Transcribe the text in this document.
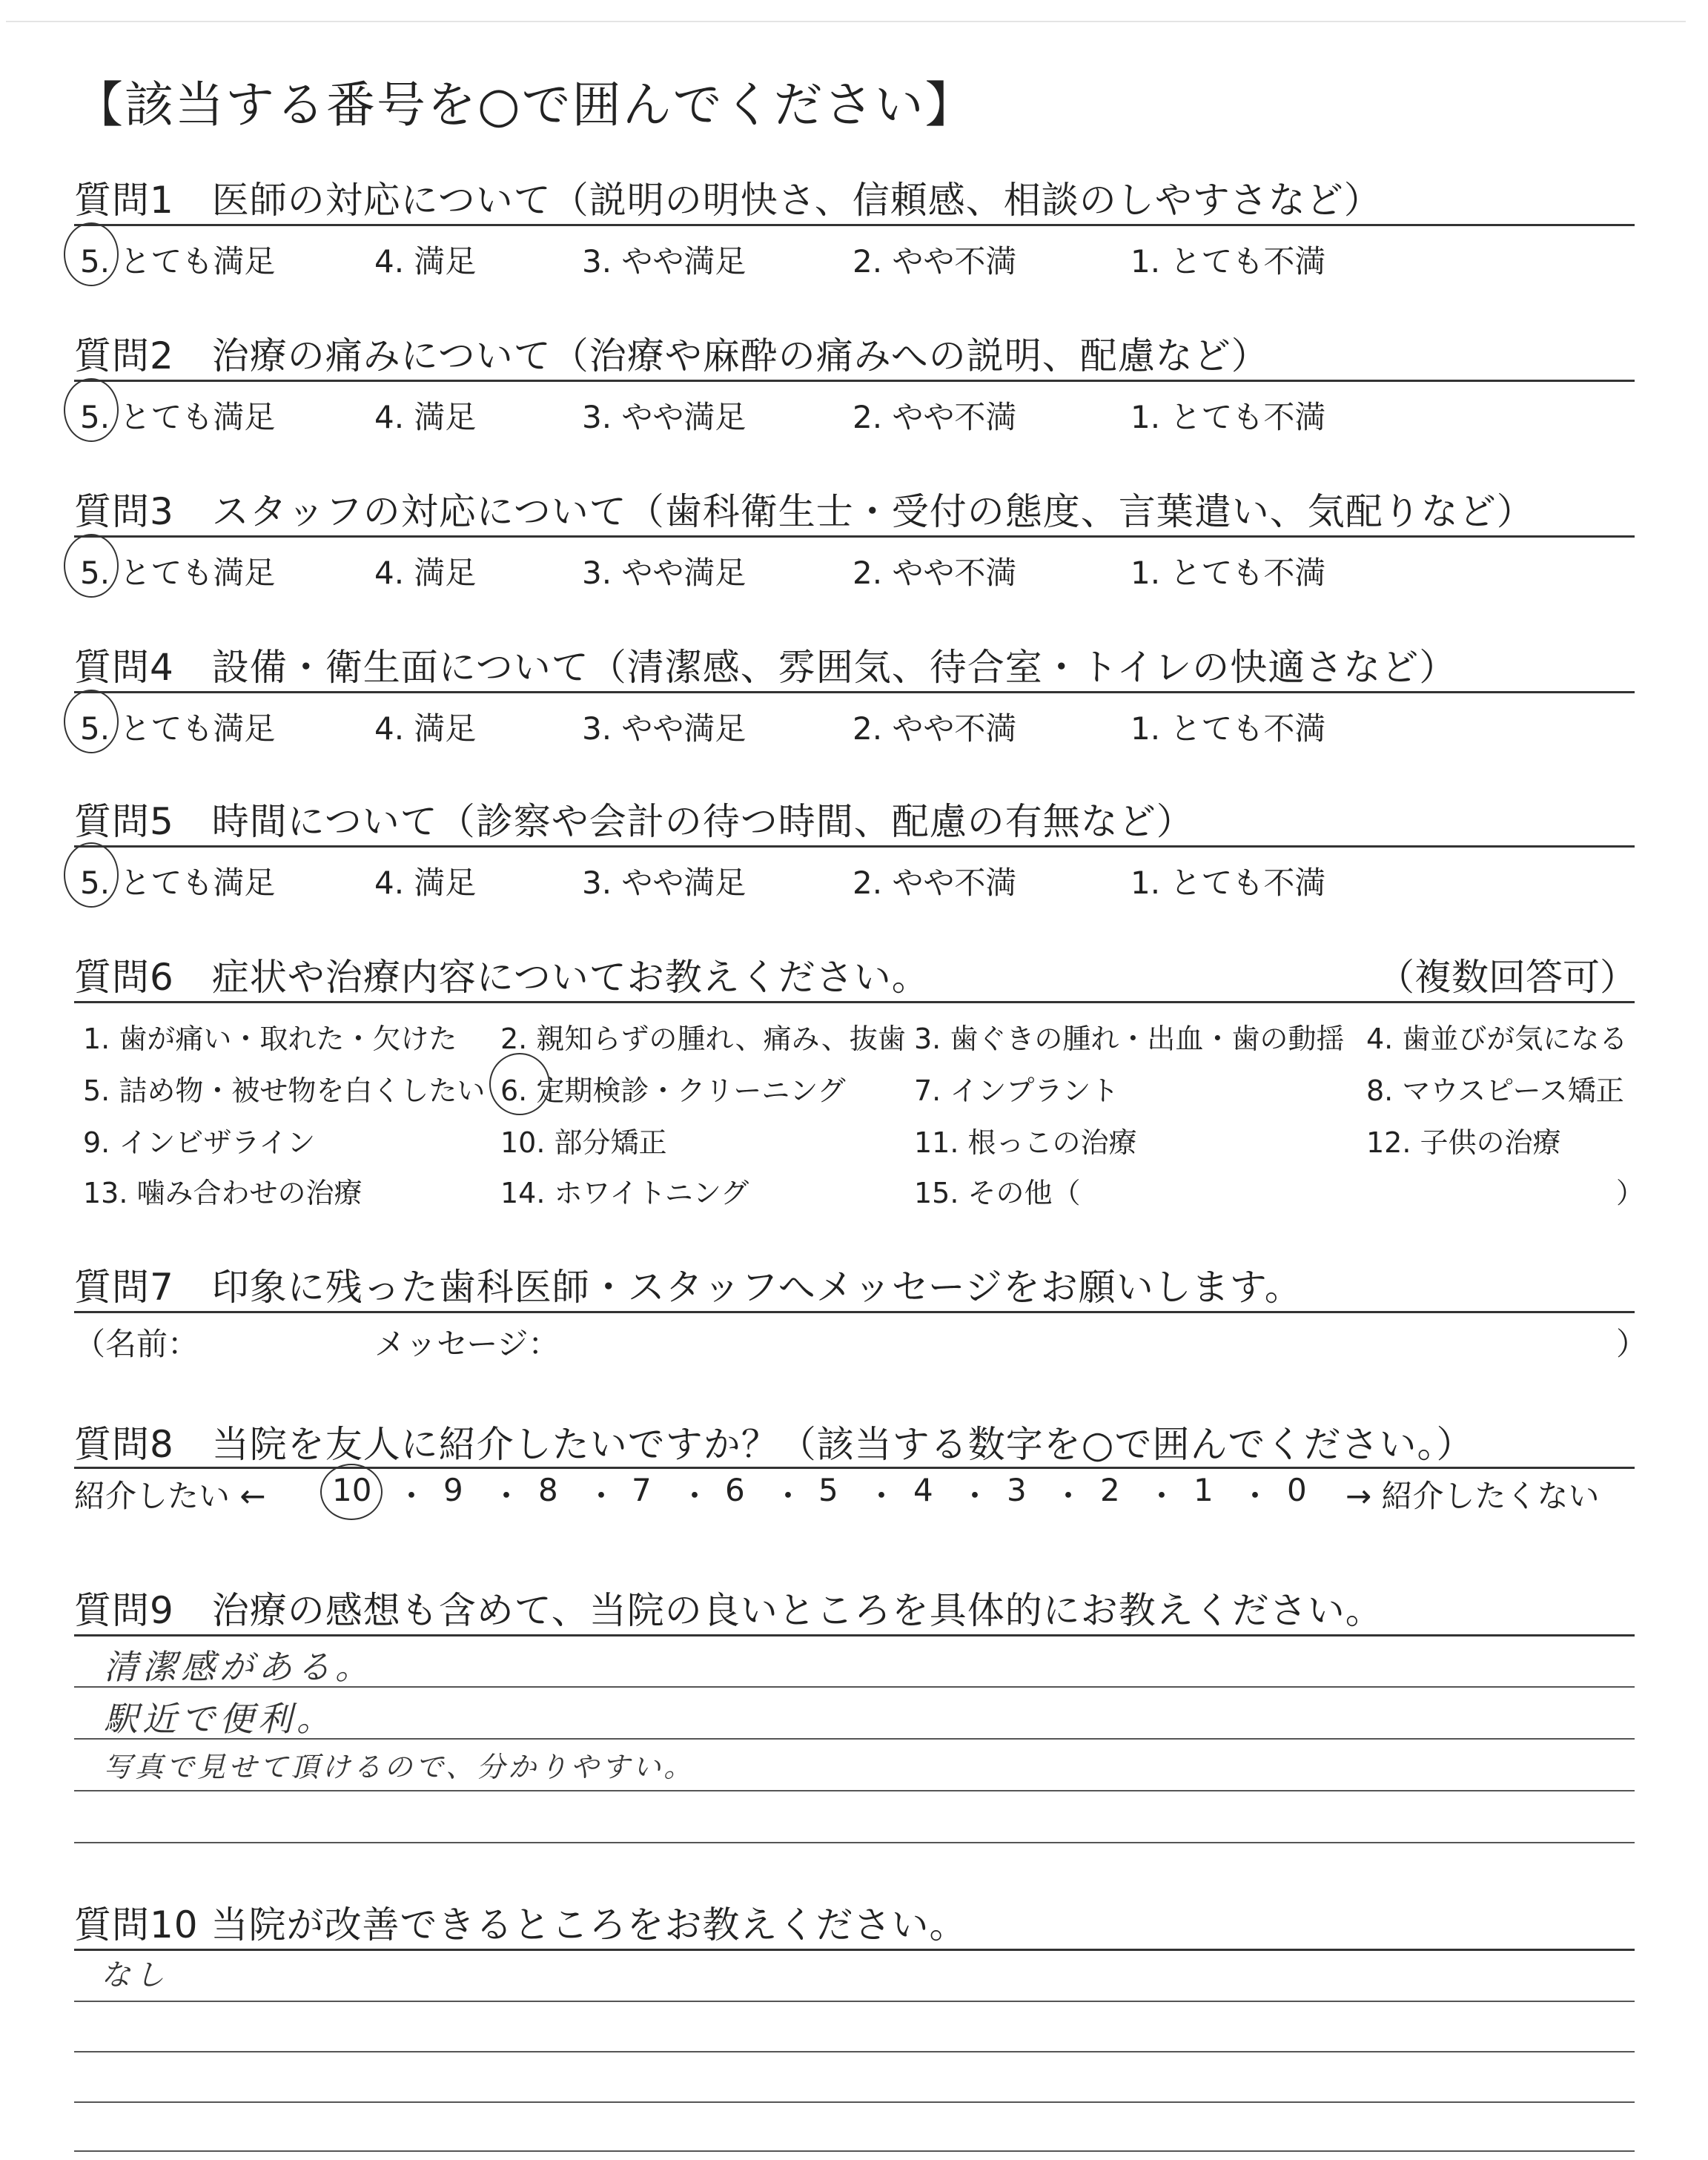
【該当する番号を○で囲んでください】
質問1　医師の対応について（説明の明快さ、信頼感、相談のしやすさなど）
5. とても満足	4. 満足	3. やや満足	2. やや不満	1. とても不満
質問2　治療の痛みについて（治療や麻酔の痛みへの説明、配慮など）
5. とても満足	4. 満足	3. やや満足	2. やや不満	1. とても不満
質問3　スタッフの対応について（歯科衛生士・受付の態度、言葉遣い、気配りなど）
5. とても満足	4. 満足	3. やや満足	2. やや不満	1. とても不満
質問4　設備・衛生面について（清潔感、雰囲気、待合室・トイレの快適さなど）
5. とても満足	4. 満足	3. やや満足	2. やや不満	1. とても不満
質問5　時間について（診察や会計の待つ時間、配慮の有無など）
5. とても満足	4. 満足	3. やや満足	2. やや不満	1. とても不満
質問6　症状や治療内容についてお教えください。	（複数回答可）
1. 歯が痛い・取れた・欠けた 2. 親知らずの腫れ、痛み、抜歯 3. 歯ぐきの腫れ・出血・歯の動揺 4. 歯並びが気になる
5. 詰め物・被せ物を白くしたい 6. 定期検診・クリーニング 7. インプラント	8. マウスピース矯正
9. インビザライン	10. 部分矯正	11. 根っこの治療	12. 子供の治療
13. 噛み合わせの治療	14. ホワイトニング	15. その他（	）
質問7　印象に残った歯科医師・スタッフへメッセージをお願いします。
（名前：	メッセージ：	）
質問8　当院を友人に紹介したいですか？（該当する数字を○で囲んでください。）
紹介したい ← 10 ・ 9 ・ 8 ・ 7 ・ 6 ・ 5 ・ 4 ・ 3 ・ 2 ・ 1 ・ 0 → 紹介したくない
質問9　治療の感想も含めて、当院の良いところを具体的にお教えください。
清潔感がある。
駅近で便利。
写真で見せて頂けるので、分かりやすい。
質問10 当院が改善できるところをお教えください。
なし
